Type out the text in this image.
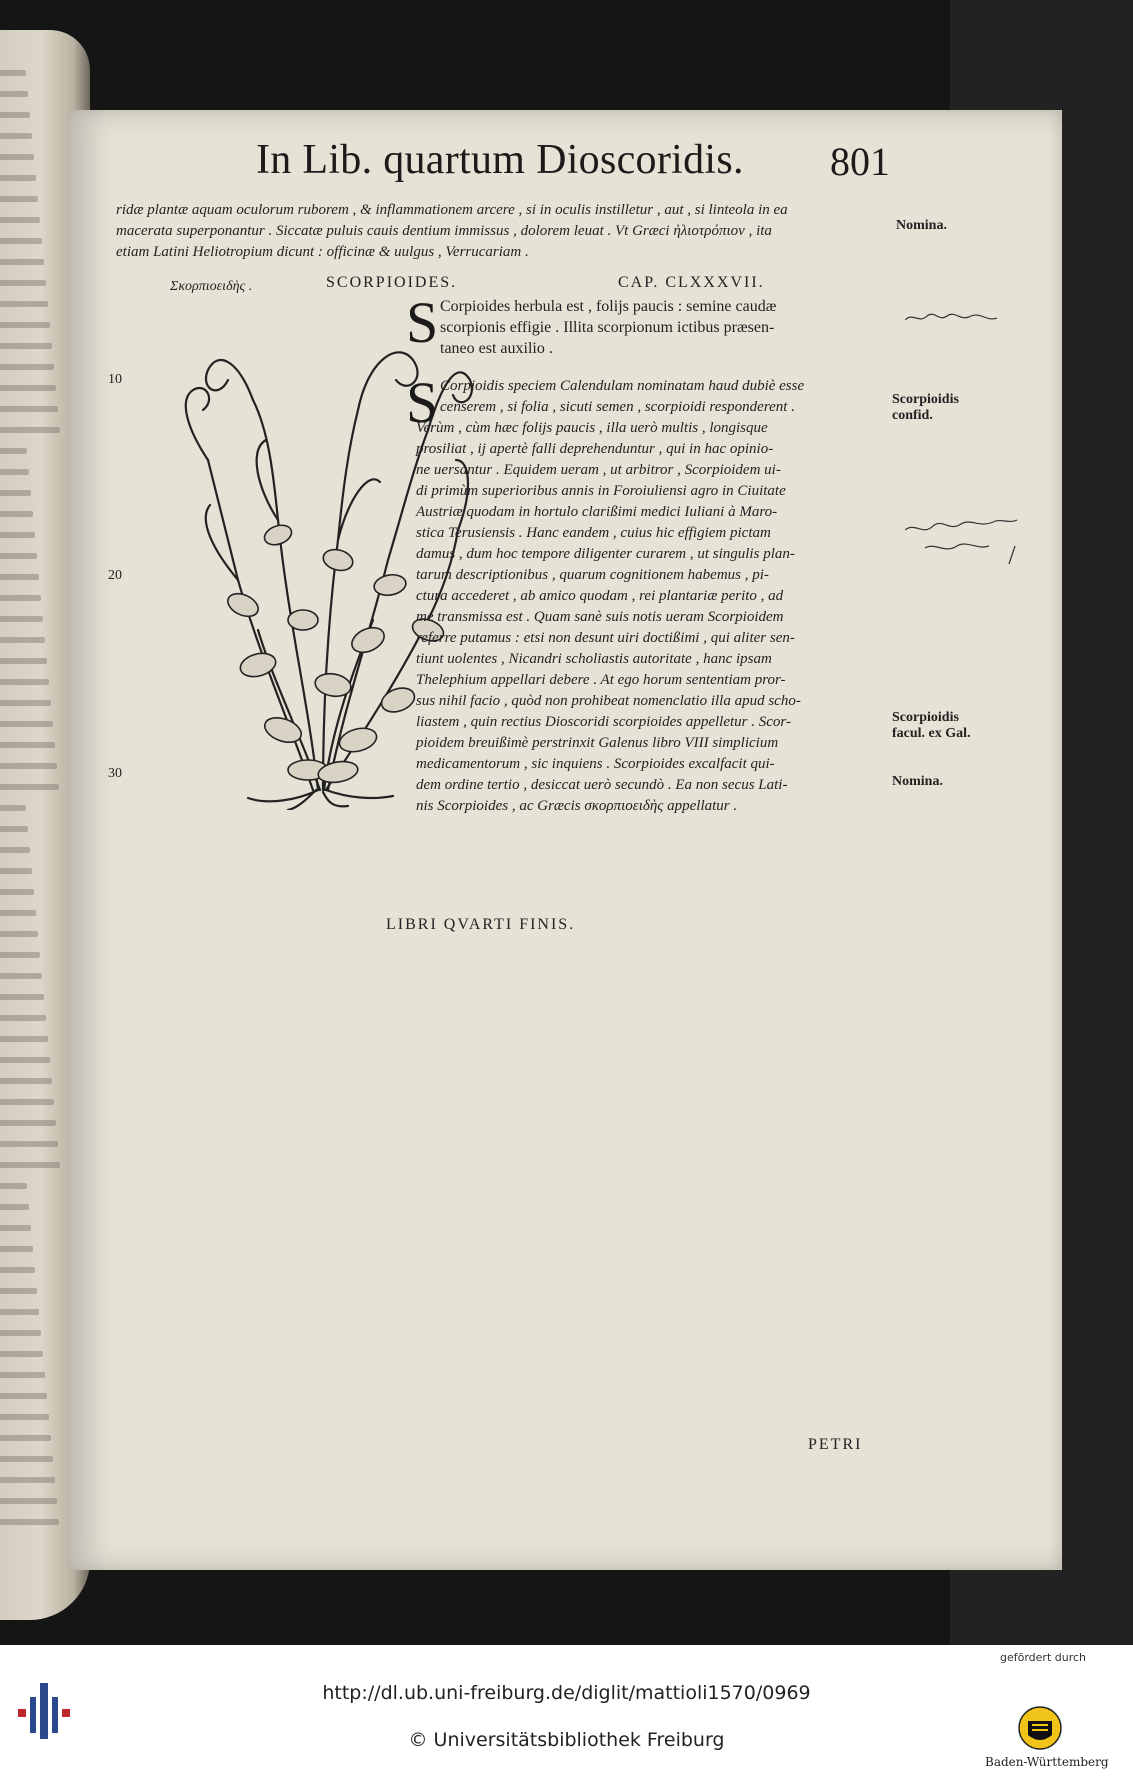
In Lib. quartum Dioscoridis. 801
ridæ plantæ aquam oculorum ruborem , & inflammationem arcere , si in oculis instilletur , aut , si linteola in ea
macerata superponantur . Siccatæ puluis cauis dentium immissus , dolorem leuat . Vt Græci ἡλιοτρόπιον , ita
etiam Latini Heliotropium dicunt : officinæ & uulgus , Verrucariam .
Nomina.
Σκορπιοειδὴς .	SCORPIOIDES.	CAP. CLXXXVII.
10
20
30
S Corpioides herbula est , folijs paucis : semine caudæ
scorpionis effigie . Illita scorpionum ictibus præsen-
taneo est auxilio .
S Corpioidis speciem Calendulam nominatam haud dubiè esse
censerem , si folia , sicuti semen , scorpioidi responderent .
Verùm , cùm hæc folijs paucis , illa uerò multis , longisque
prosiliat , ij apertè falli deprehenduntur , qui in hac opinio-
ne uersantur . Equidem ueram , ut arbitror , Scorpioidem ui-
di primùm superioribus annis in Foroiuliensi agro in Ciuitate
Austriæ quodam in hortulo clarißimi medici Iuliani à Maro-
stica Terusiensis . Hanc eandem , cuius hic effigiem pictam
damus , dum hoc tempore diligenter curarem , ut singulis plan-
tarum descriptionibus , quarum cognitionem habemus , pi-
ctura accederet , ab amico quodam , rei plantariæ perito , ad
me transmissa est . Quam sanè suis notis ueram Scorpioidem
referre putamus : etsi non desunt uiri doctißimi , qui aliter sen-
tiunt uolentes , Nicandri scholiastis autoritate , hanc ipsam
Thelephium appellari debere . At ego horum sententiam pror-
sus nihil facio , quòd non prohibeat nomenclatio illa apud scho-
liastem , quin rectius Dioscoridi scorpioides appelletur . Scor-
pioidem breuißimè perstrinxit Galenus libro VIII simplicium
medicamentorum , sic inquiens . Scorpioides excalfacit qui-
dem ordine tertio , desiccat uerò secundò . Ea non secus Lati-
nis Scorpioides , ac Græcis σκορπιοειδὴς appellatur .
Scorpioidis
confid.
Scorpioidis
facul. ex Gal.
Nomina.
LIBRI QVARTI FINIS.
PETRI
http://dl.ub.uni-freiburg.de/diglit/mattioli1570/0969
© Universitätsbibliothek Freiburg
gefördert durch
Baden-Württemberg
